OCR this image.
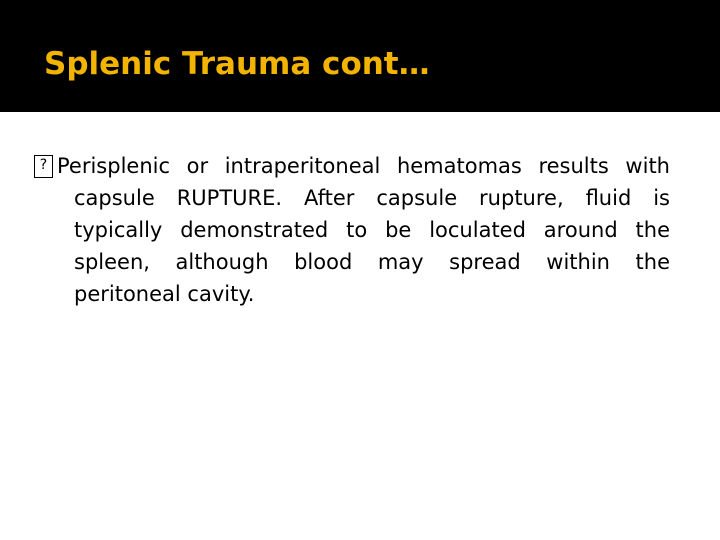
Splenic Trauma cont…
? Perisplenic or intraperitoneal hematomas results with capsule RUPTURE. After capsule rupture, fluid is typically demonstrated to be loculated around the spleen, although blood may spread within the peritoneal cavity.
